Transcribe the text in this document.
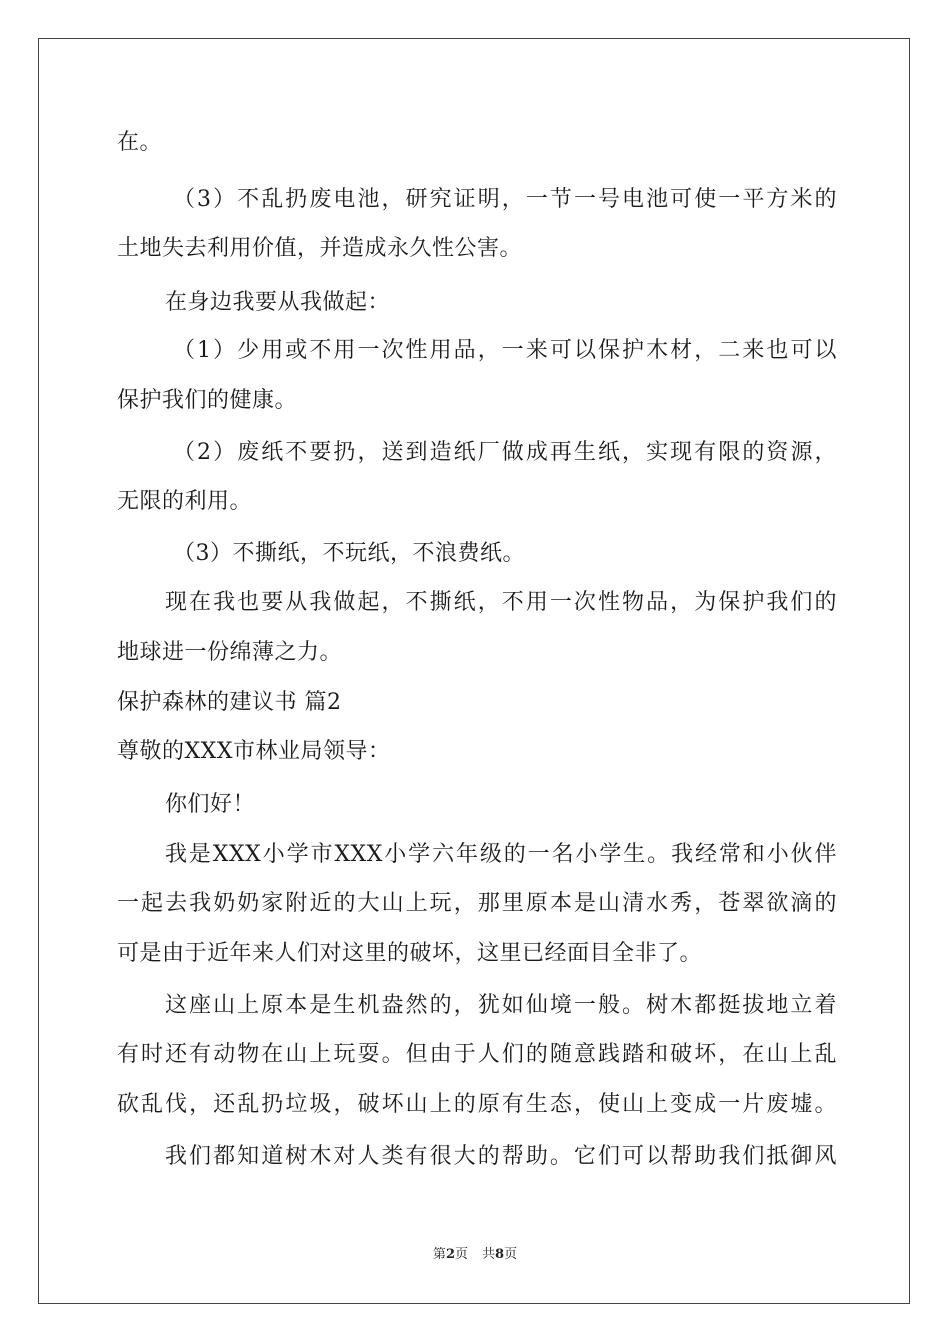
在。
（3）不乱扔废电池，研究证明，一节一号电池可使一平方米的
土地失去利用价值，并造成永久性公害。
在身边我要从我做起：
（1）少用或不用一次性用品，一来可以保护木材，二来也可以
保护我们的健康。
（2）废纸不要扔，送到造纸厂做成再生纸，实现有限的资源，
无限的利用。
（3）不撕纸，不玩纸，不浪费纸。
现在我也要从我做起，不撕纸，不用一次性物品，为保护我们的
地球进一份绵薄之力。
保护森林的建议书 篇2
尊敬的XXX市林业局领导：
你们好！
我是XXX小学市XXX小学六年级的一名小学生。我经常和小伙伴
一起去我奶奶家附近的大山上玩，那里原本是山清水秀，苍翠欲滴的
可是由于近年来人们对这里的破坏，这里已经面目全非了。
这座山上原本是生机盎然的，犹如仙境一般。树木都挺拔地立着
有时还有动物在山上玩耍。但由于人们的随意践踏和破坏，在山上乱
砍乱伐，还乱扔垃圾，破坏山上的原有生态，使山上变成一片废墟。
我们都知道树木对人类有很大的帮助。它们可以帮助我们抵御风
第2页 共8页
